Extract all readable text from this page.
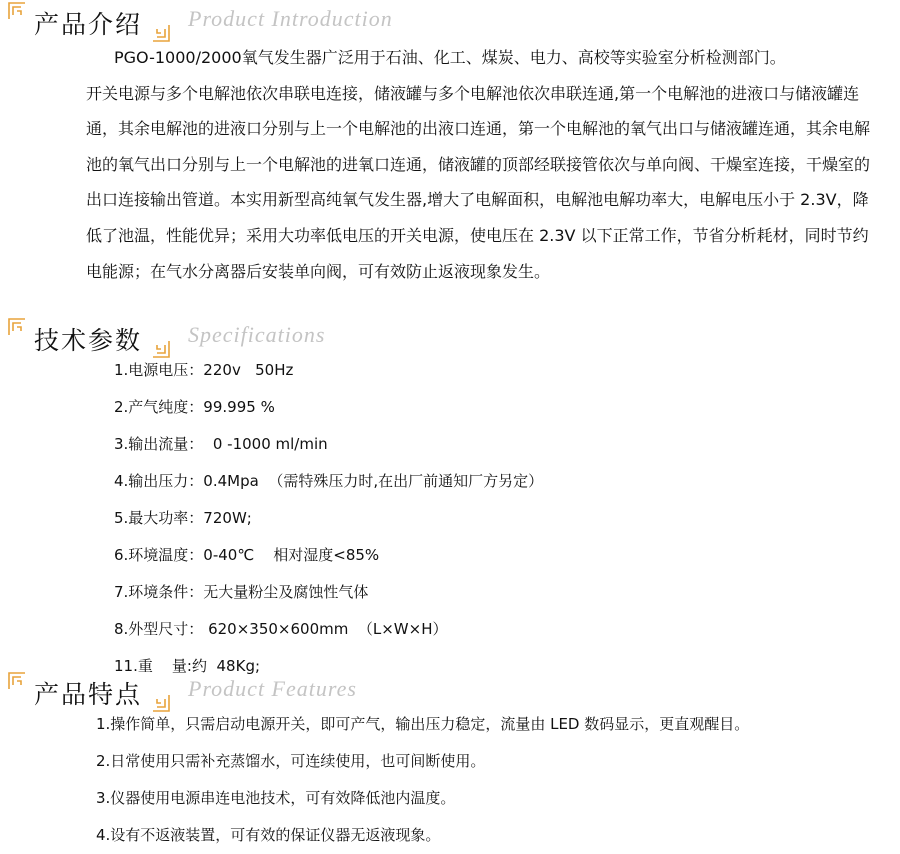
产品介绍 Product Introduction

PGO-1000/2000氧气发生器广泛用于石油、化工、煤炭、电力、高校等实验室分析检测部门。

开关电源与多个电解池依次串联电连接，储液罐与多个电解池依次串联连通,第一个电解池的进液口与储液罐连通，其余电解池的进液口分别与上一个电解池的出液口连通，第一个电解池的氧气出口与储液罐连通，其余电解池的氧气出口分别与上一个电解池的进氧口连通，储液罐的顶部经联接管依次与单向阀、干燥室连接，干燥室的出口连接输出管道。本实用新型高纯氧气发生器,增大了电解面积，电解池电解功率大，电解电压小于 2.3V，降低了池温，性能优异；采用大功率低电压的开关电源，使电压在 2.3V 以下正常工作，节省分析耗材，同时节约电能源；在气水分离器后安装单向阀，可有效防止返液现象发生。

技术参数 Specifications
1.电源电压：220v   50Hz
2.产气纯度：99.995 %
3.输出流量：  0 -1000 ml/min
4.输出压力：0.4Mpa  （需特殊压力时,在出厂前通知厂方另定）
5.最大功率：720W;
6.环境温度：0-40℃    相对湿度<85%
7.环境条件：无大量粉尘及腐蚀性气体
8.外型尺寸： 620×350×600mm  （L×W×H）
11.重    量:约  48Kg;
产品特点 Product Features
1.操作简单，只需启动电源开关，即可产气，输出压力稳定，流量由 LED 数码显示，更直观醒目。
2.日常使用只需补充蒸馏水，可连续使用，也可间断使用。
3.仪器使用电源串连电池技术，可有效降低池内温度。
4.设有不返液装置，可有效的保证仪器无返液现象。
